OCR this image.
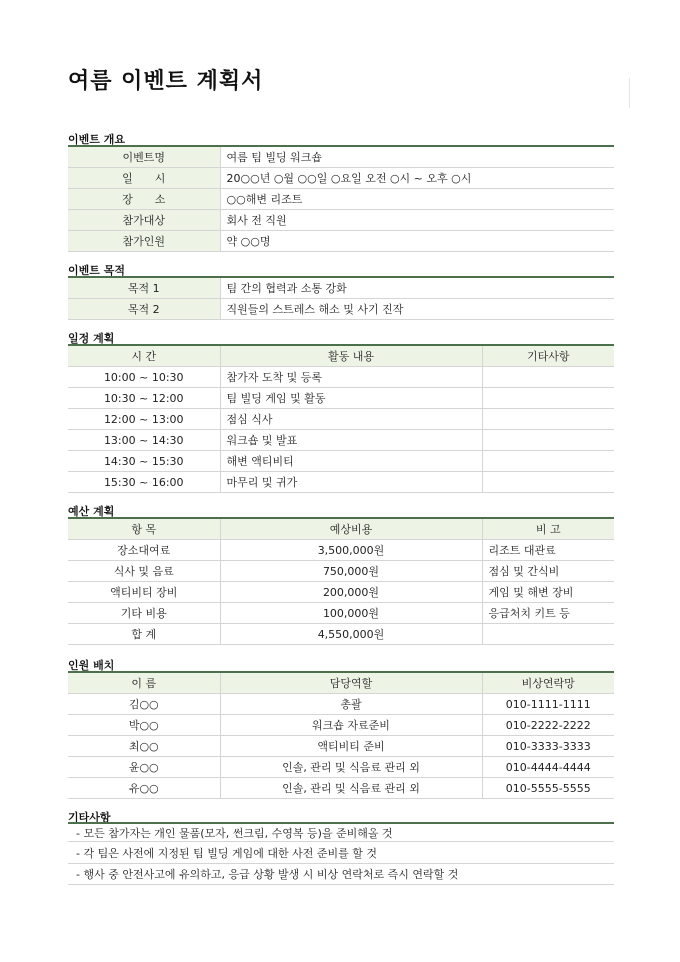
여름 이벤트 계획서
이벤트 개요
이벤트명	여름 팀 빌딩 워크숍
일　　시	20○○년 ○월 ○○일 ○요일 오전 ○시 ~ 오후 ○시
장　　소	○○해변 리조트
참가대상	회사 전 직원
참가인원	약 ○○명
이벤트 목적
목적 1	팀 간의 협력과 소통 강화
목적 2	직원들의 스트레스 해소 및 사기 진작
일정 계획
시 간	활동 내용	기타사항
10:00 ~ 10:30	참가자 도착 및 등록	
10:30 ~ 12:00	팀 빌딩 게임 및 활동	
12:00 ~ 13:00	점심 식사	
13:00 ~ 14:30	워크숍 및 발표	
14:30 ~ 15:30	해변 액티비티	
15:30 ~ 16:00	마무리 및 귀가	
예산 계획
항 목	예상비용	비 고
장소대여료	3,500,000원	리조트 대관료
식사 및 음료	750,000원	점심 및 간식비
액티비티 장비	200,000원	게임 및 해변 장비
기타 비용	100,000원	응급처치 키트 등
합 계	4,550,000원	
인원 배치
이 름	담당역할	비상연락망
김○○	총괄	010-1111-1111
박○○	워크숍 자료준비	010-2222-2222
최○○	액티비티 준비	010-3333-3333
윤○○	인솔, 관리 및 식음료 관리 외	010-4444-4444
유○○	인솔, 관리 및 식음료 관리 외	010-5555-5555
기타사항
- 모든 참가자는 개인 물품(모자, 썬크림, 수영복 등)을 준비해올 것
- 각 팀은 사전에 지정된 팀 빌딩 게임에 대한 사전 준비를 할 것
- 행사 중 안전사고에 유의하고, 응급 상황 발생 시 비상 연락처로 즉시 연락할 것
